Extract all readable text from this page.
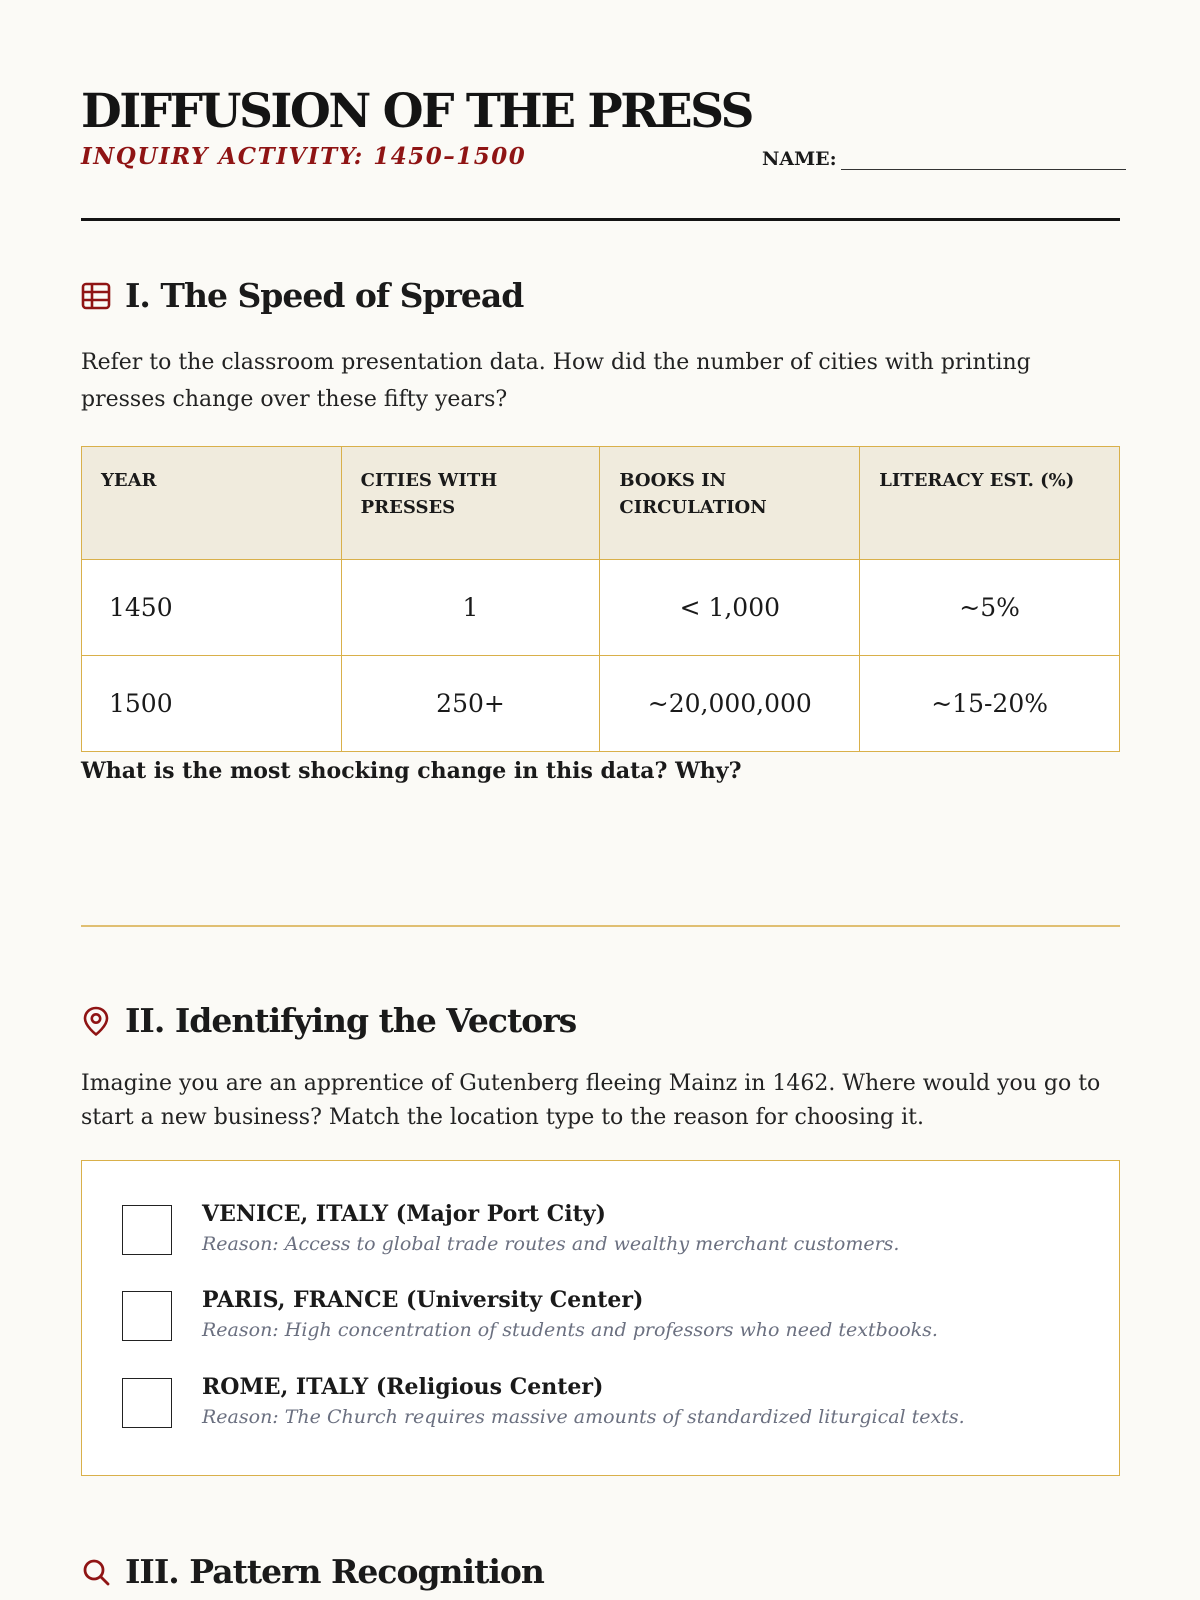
DIFFUSION OF THE PRESS
INQUIRY ACTIVITY: 1450–1500	NAME:
I. The Speed of Spread
Refer to the classroom presentation data. How did the number of cities with printing presses change over these fifty years?
YEAR	CITIES WITH PRESSES	BOOKS IN CIRCULATION	LITERACY EST. (%)
1450	1	< 1,000	~5%
1500	250+	~20,000,000	~15-20%
What is the most shocking change in this data? Why?
II. Identifying the Vectors
Imagine you are an apprentice of Gutenberg fleeing Mainz in 1462. Where would you go to start a new business? Match the location type to the reason for choosing it.
VENICE, ITALY (Major Port City)
Reason: Access to global trade routes and wealthy merchant customers.
PARIS, FRANCE (University Center)
Reason: High concentration of students and professors who need textbooks.
ROME, ITALY (Religious Center)
Reason: The Church requires massive amounts of standardized liturgical texts.
III. Pattern Recognition
